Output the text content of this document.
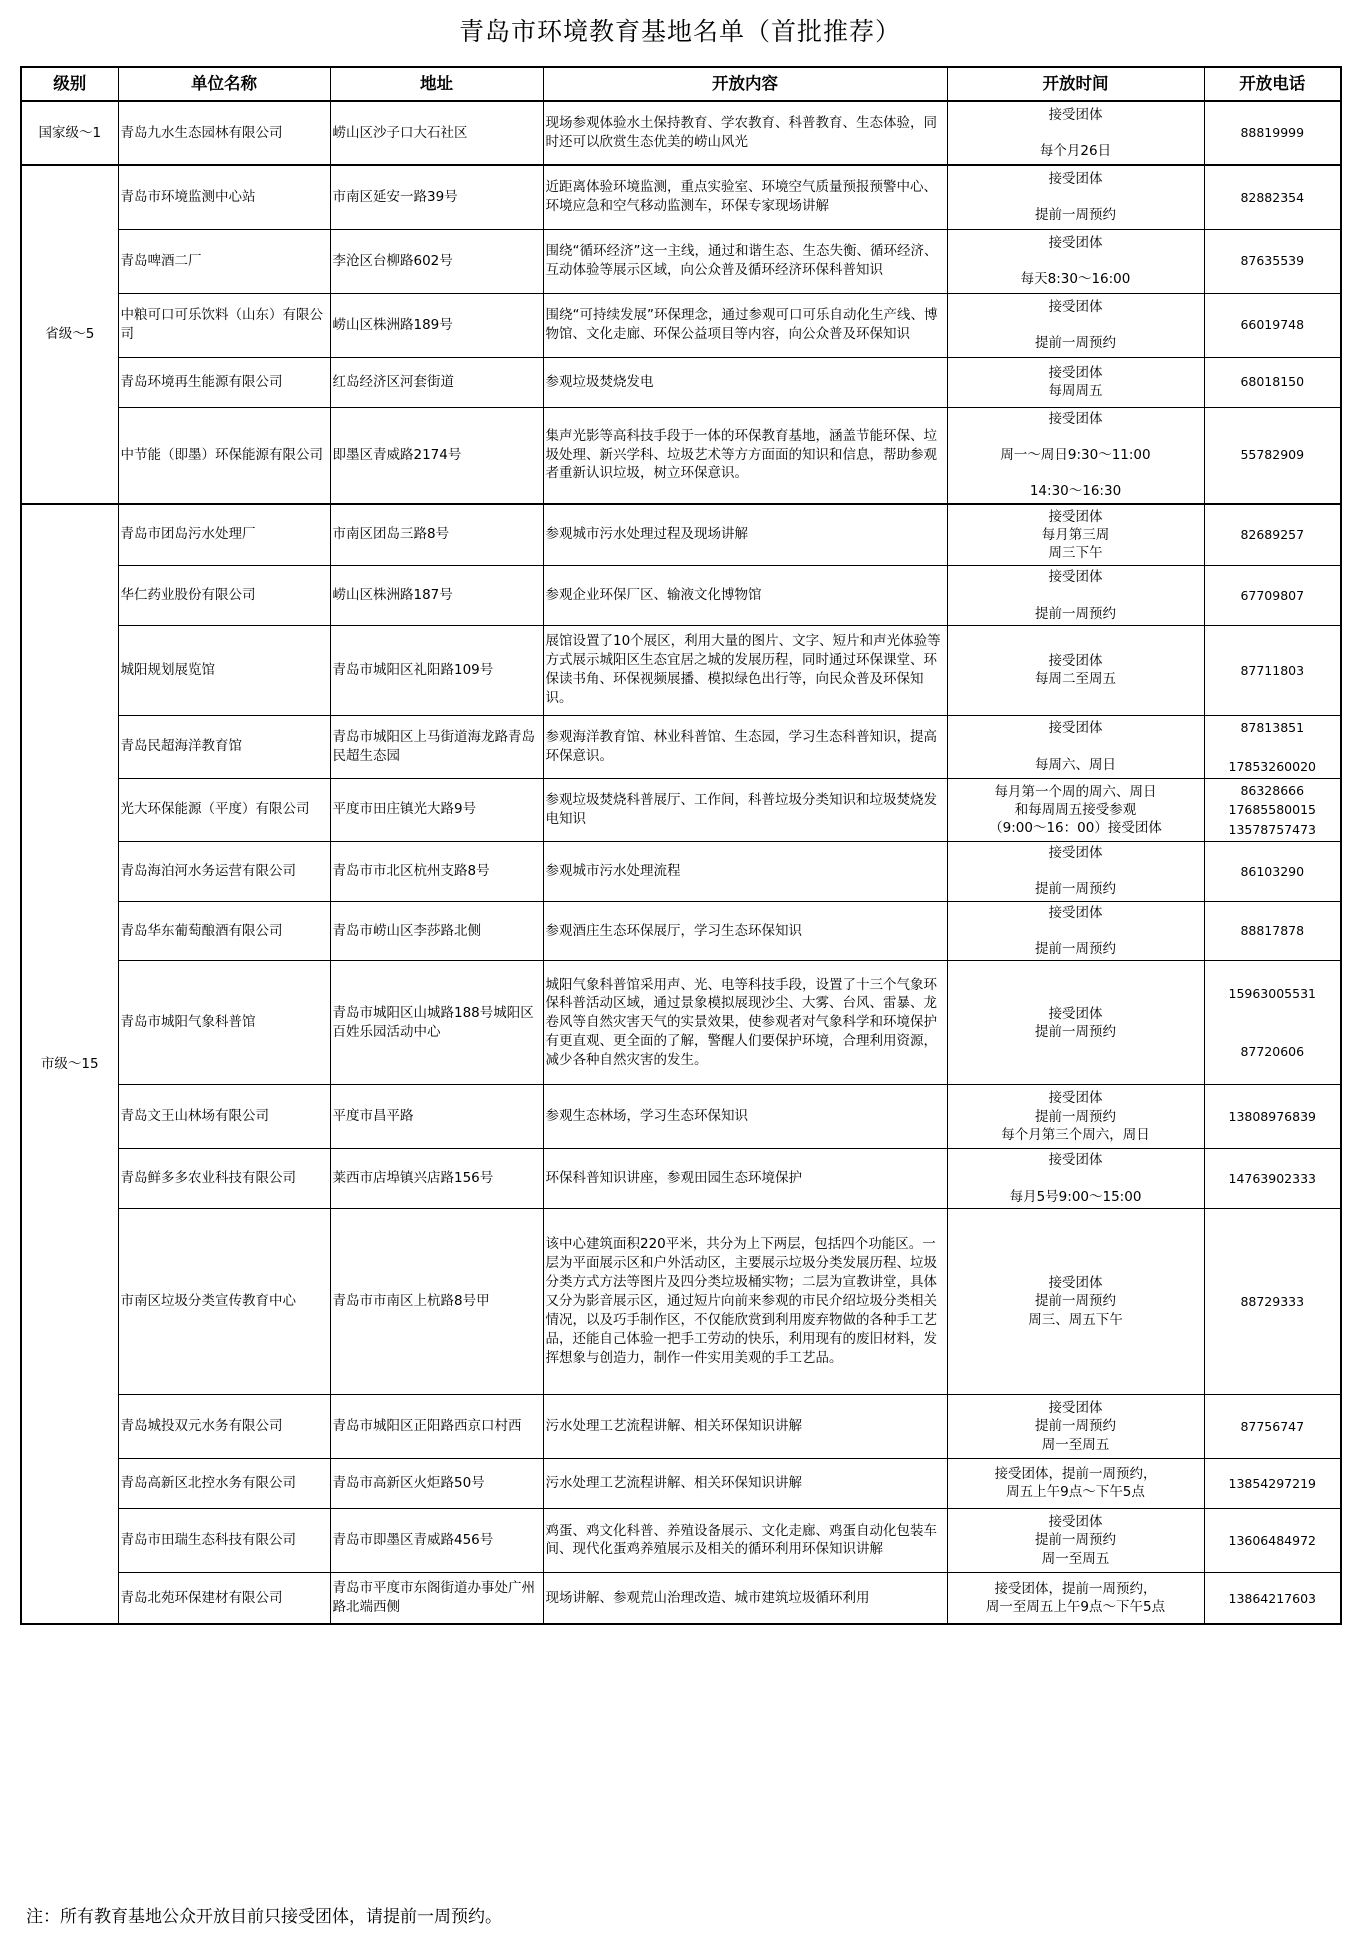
青岛市环境教育基地名单（首批推荐）
级别	单位名称	地址	开放内容	开放时间	开放电话
国家级～1	青岛九水生态园林有限公司	崂山区沙子口大石社区	现场参观体验水土保持教育、学农教育、科普教育、生态体验，同时还可以欣赏生态优美的崂山风光	接受团体

每个月26日	88819999

省级～5	青岛市环境监测中心站	市南区延安一路39号	近距离体验环境监测，重点实验室、环境空气质量预报预警中心、环境应急和空气移动监测车，环保专家现场讲解	接受团体

提前一周预约	82882354

	青岛啤酒二厂	李沧区台柳路602号	围绕“循环经济”这一主线，通过和谐生态、生态失衡、循环经济、互动体验等展示区域，向公众普及循环经济环保科普知识	接受团体

每天8:30～16:00	87635539

	中粮可口可乐饮料（山东）有限公司	崂山区株洲路189号	围绕“可持续发展”环保理念，通过参观可口可乐自动化生产线、博物馆、文化走廊、环保公益项目等内容，向公众普及环保知识	接受团体

提前一周预约	66019748

	青岛环境再生能源有限公司	红岛经济区河套街道	参观垃圾焚烧发电	接受团体
每周周五	68018150

	中节能（即墨）环保能源有限公司	即墨区青威路2174号	集声光影等高科技手段于一体的环保教育基地，涵盖节能环保、垃圾处理、新兴学科、垃圾艺术等方方面面的知识和信息，帮助参观者重新认识垃圾，树立环保意识。	接受团体

周一～周日9:30～11:00

14:30～16:30	55782909

市级～15	青岛市团岛污水处理厂	市南区团岛三路8号	参观城市污水处理过程及现场讲解	接受团体
每月第三周
周三下午	82689257

	华仁药业股份有限公司	崂山区株洲路187号	参观企业环保厂区、输液文化博物馆	接受团体

提前一周预约	67709807

	城阳规划展览馆	青岛市城阳区礼阳路109号	展馆设置了10个展区，利用大量的图片、文字、短片和声光体验等方式展示城阳区生态宜居之城的发展历程，同时通过环保课堂、环保读书角、环保视频展播、模拟绿色出行等，向民众普及环保知识。	接受团体
每周二至周五	87711803

	青岛民超海洋教育馆	青岛市城阳区上马街道海龙路青岛民超生态园	参观海洋教育馆、林业科普馆、生态园，学习生态科普知识，提高环保意识。	接受团体

每周六、周日	87813851

17853260020

	光大环保能源（平度）有限公司	平度市田庄镇光大路9号	参观垃圾焚烧科普展厅、工作间，科普垃圾分类知识和垃圾焚烧发电知识	每月第一个周的周六、周日
和每周周五接受参观
（9:00～16：00）接受团体	86328666
17685580015
13578757473

	青岛海泊河水务运营有限公司	青岛市市北区杭州支路8号	参观城市污水处理流程	接受团体

提前一周预约	86103290

	青岛华东葡萄酿酒有限公司	青岛市崂山区李莎路北侧	参观酒庄生态环保展厅，学习生态环保知识	接受团体

提前一周预约	88817878

	青岛市城阳气象科普馆	青岛市城阳区山城路188号城阳区百姓乐园活动中心	城阳气象科普馆采用声、光、电等科技手段，设置了十三个气象环保科普活动区域，通过景象模拟展现沙尘、大雾、台风、雷暴、龙卷风等自然灾害天气的实景效果，使参观者对气象科学和环境保护有更直观、更全面的了解，警醒人们要保护环境，合理利用资源，减少各种自然灾害的发生。	接受团体
提前一周预约	15963005531

87720606

	青岛文王山林场有限公司	平度市昌平路	参观生态林场，学习生态环保知识	接受团体
提前一周预约
每个月第三个周六，周日	13808976839

	青岛鲜多多农业科技有限公司	莱西市店埠镇兴店路156号	环保科普知识讲座，参观田园生态环境保护	接受团体

每月5号9:00～15:00	14763902333

	市南区垃圾分类宣传教育中心	青岛市市南区上杭路8号甲	该中心建筑面积220平米，共分为上下两层，包括四个功能区。一层为平面展示区和户外活动区，主要展示垃圾分类发展历程、垃圾分类方式方法等图片及四分类垃圾桶实物；二层为宣教讲堂，具体又分为影音展示区，通过短片向前来参观的市民介绍垃圾分类相关情况，以及巧手制作区，不仅能欣赏到利用废弃物做的各种手工艺品，还能自己体验一把手工劳动的快乐，利用现有的废旧材料，发挥想象与创造力，制作一件实用美观的手工艺品。	接受团体
提前一周预约
周三、周五下午	88729333

	青岛城投双元水务有限公司	青岛市城阳区正阳路西京口村西	污水处理工艺流程讲解、相关环保知识讲解	接受团体
提前一周预约
周一至周五	87756747

	青岛高新区北控水务有限公司	青岛市高新区火炬路50号	污水处理工艺流程讲解、相关环保知识讲解	接受团体，提前一周预约，
周五上午9点～下午5点	13854297219

	青岛市田瑞生态科技有限公司	青岛市即墨区青威路456号	鸡蛋、鸡文化科普、养殖设备展示、文化走廊、鸡蛋自动化包装车间、现代化蛋鸡养殖展示及相关的循环利用环保知识讲解	接受团体
提前一周预约
周一至周五	13606484972

	青岛北苑环保建材有限公司	青岛市平度市东阁街道办事处广州路北端西侧	现场讲解、参观荒山治理改造、城市建筑垃圾循环利用	接受团体，提前一周预约，
周一至周五上午9点～下午5点	13864217603
注：所有教育基地公众开放目前只接受团体，请提前一周预约。
